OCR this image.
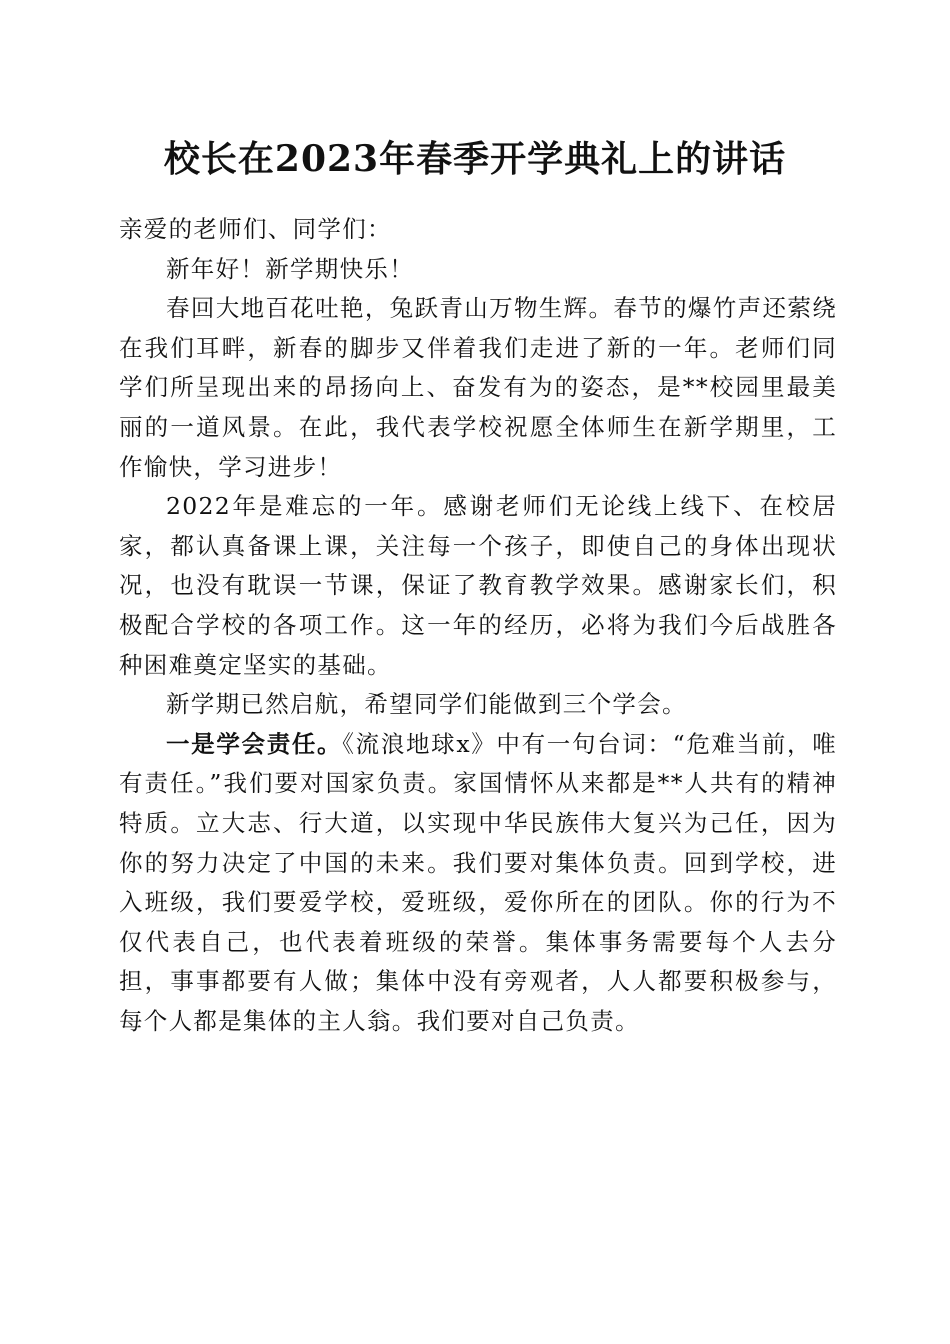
校长在2023年春季开学典礼上的讲话

亲爱的老师们、同学们：

新年好！新学期快乐！

春回大地百花吐艳，兔跃青山万物生辉。春节的爆竹声还萦绕在我们耳畔，新春的脚步又伴着我们走进了新的一年。老师们同学们所呈现出来的昂扬向上、奋发有为的姿态，是**校园里最美丽的一道风景。在此，我代表学校祝愿全体师生在新学期里，工作愉快，学习进步！

2022年是难忘的一年。感谢老师们无论线上线下、在校居家，都认真备课上课，关注每一个孩子，即使自己的身体出现状况，也没有耽误一节课，保证了教育教学效果。感谢家长们，积极配合学校的各项工作。这一年的经历，必将为我们今后战胜各种困难奠定坚实的基础。

新学期已然启航，希望同学们能做到三个学会。

一是学会责任。《流浪地球x》中有一句台词：“危难当前，唯有责任。”我们要对国家负责。家国情怀从来都是**人共有的精神特质。立大志、行大道，以实现中华民族伟大复兴为己任，因为你的努力决定了中国的未来。我们要对集体负责。回到学校，进入班级，我们要爱学校，爱班级，爱你所在的团队。你的行为不仅代表自己，也代表着班级的荣誉。集体事务需要每个人去分担，事事都要有人做；集体中没有旁观者，人人都要积极参与，每个人都是集体的主人翁。我们要对自己负责。
